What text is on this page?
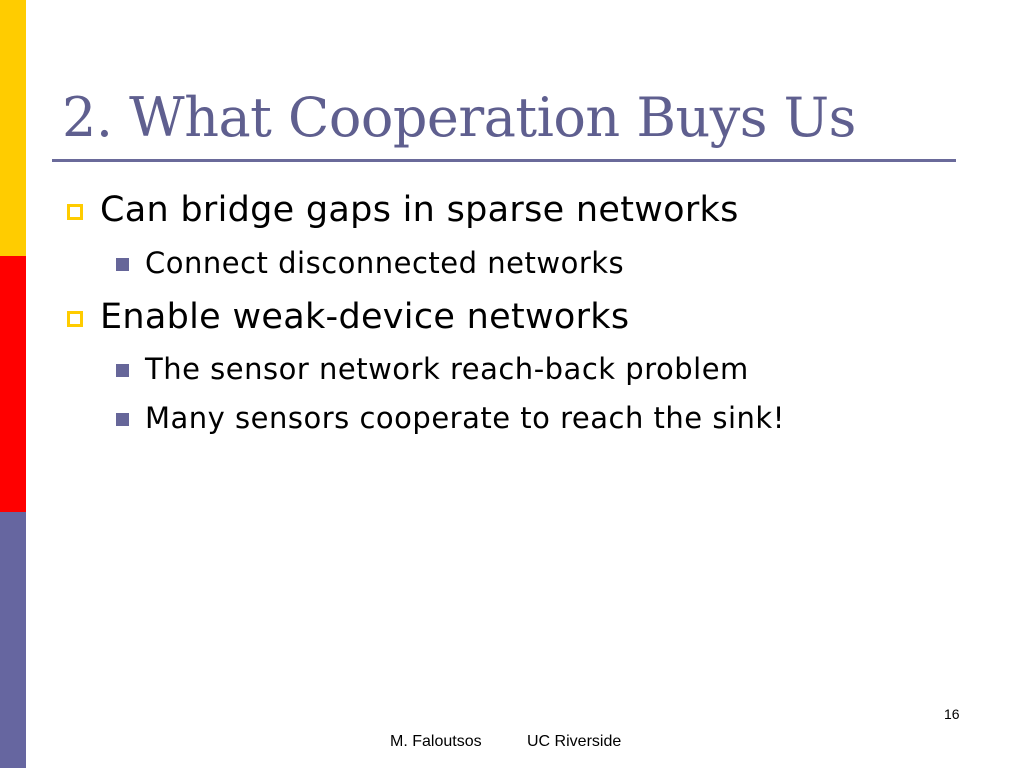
2. What Cooperation Buys Us
Can bridge gaps in sparse networks
Connect disconnected networks
Enable weak-device networks
The sensor network reach-back problem
Many sensors cooperate to reach the sink!
16
M. Faloutsos	UC Riverside
